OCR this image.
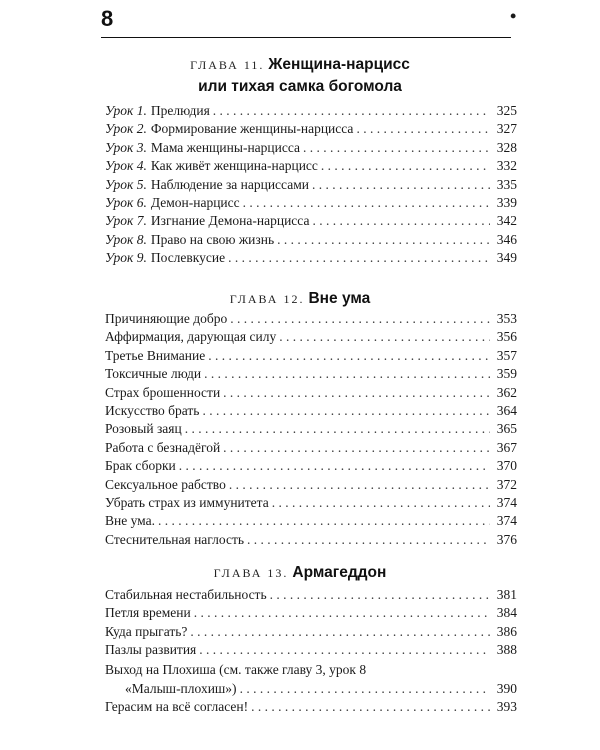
8	•
ГЛАВА 11. Женщина-нарцисс
или тихая самка богомола
Урок 1. Прелюдия . . .	325
Урок 2. Формирование женщины-нарцисса . . .	327
Урок 3. Мама женщины-нарцисса . . .	328
Урок 4. Как живёт женщина-нарцисс . . .	332
Урок 5. Наблюдение за нарциссами . . .	335
Урок 6. Демон-нарцисс . . .	339
Урок 7. Изгнание Демона-нарцисса . . .	342
Урок 8. Право на свою жизнь . . .	346
Урок 9. Послевкусие . . .	349
ГЛАВА 12. Вне ума
Причиняющие добро . . .	353
Аффирмация, дарующая силу . . .	356
Третье Внимание . . .	357
Токсичные люди . . .	359
Страх брошенности . . .	362
Искусство брать . . .	364
Розовый заяц . . .	365
Работа с безнадёгой . . .	367
Брак сборки . . .	370
Сексуальное рабство . . .	372
Убрать страх из иммунитета . . .	374
Вне ума. . . .	374
Стеснительная наглость . . .	376
ГЛАВА 13. Армагеддон
Стабильная нестабильность . . .	381
Петля времени . . .	384
Куда прыгать? . . .	386
Пазлы развития . . .	388
Выход на Плохиша (см. также главу 3, урок 8
«Малыш-плохиш») . . .	390
Герасим на всё согласен! . . .	393
